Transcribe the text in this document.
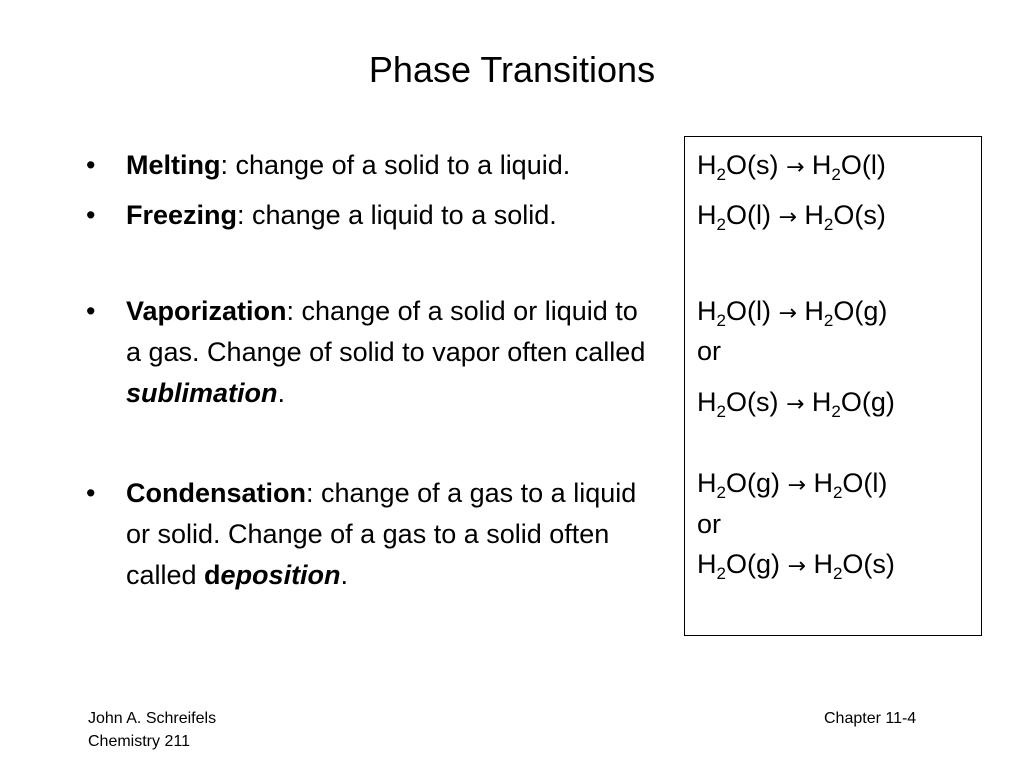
Phase Transitions
•	Melting: change of a solid to a liquid.
•	Freezing: change a liquid to a solid.
•	Vaporization: change of a solid or liquid to a gas. Change of solid to vapor often called sublimation.
•	Condensation: change of a gas to a liquid or solid. Change of a gas to a solid often called deposition.
$H_2O(s) \to H_2O(l)$
$H_2O(l) \to H_2O(s)$
$H_2O(l) \to H_2O(g)$
or
$H_2O(s) \to H_2O(g)$
$H_2O(g) \to H_2O(l)$
or
$H_2O(g) \to H_2O(s)$
John A. Schreifels
Chemistry 211
Chapter 11-4
